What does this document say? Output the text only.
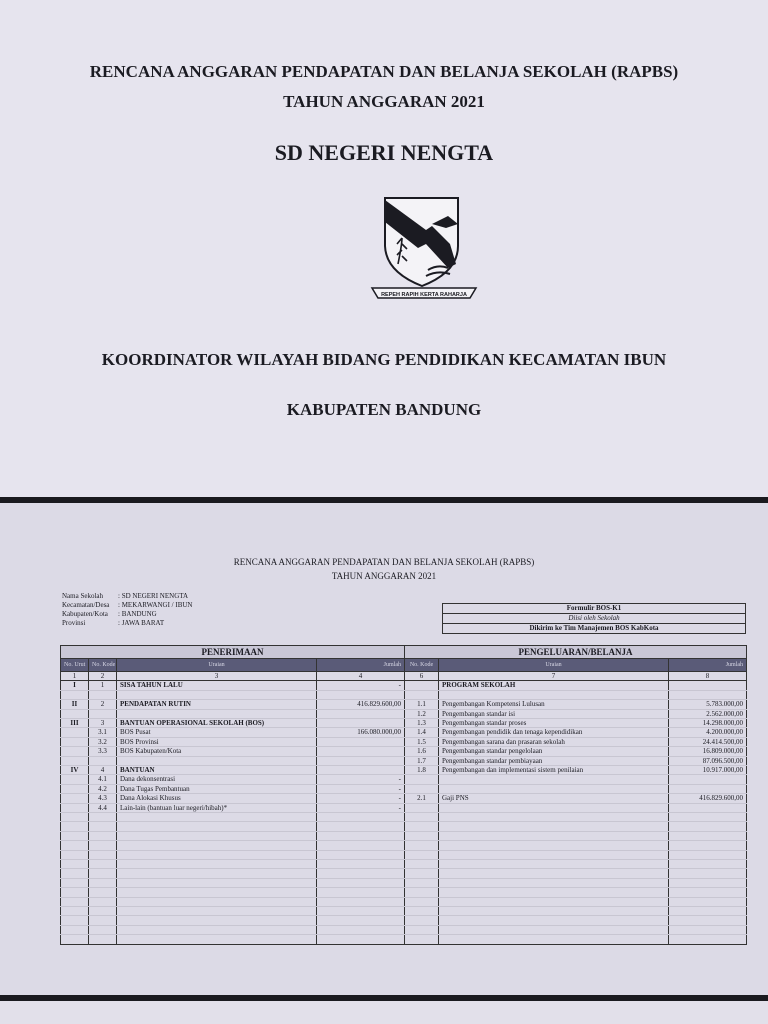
RENCANA ANGGARAN PENDAPATAN DAN BELANJA SEKOLAH (RAPBS)
TAHUN ANGGARAN 2021
SD NEGERI NENGTA
REPEH RAPIH KERTA RAHARJA
KOORDINATOR WILAYAH BIDANG PENDIDIKAN KECAMATAN IBUN
KABUPATEN BANDUNG
RENCANA ANGGARAN PENDAPATAN DAN BELANJA SEKOLAH (RAPBS)
TAHUN ANGGARAN 2021
Nama Sekolah : SD NEGERI NENGTA
Kecamatan/Desa : MEKARWANGI / IBUN
Kabupaten/Kota : BANDUNG
Provinsi	: JAWA BARAT
Formulir BOS-K1
Diisi oleh Sekolah
Dikirim ke Tim Manajemen BOS KabKota
PENERIMAAN				PENGELUARAN/BELANJA		
No. Urut	No. Kode	Uraian	Jumlah	No. Kode	Uraian	Jumlah
1	2	3	4	6	7	8
I	1	SISA TAHUN LALU	-		PROGRAM SEKOLAH	

II	2	PENDAPATAN RUTIN	416.829.600,00	1.1	Pengembangan Kompetensi Lulusan	5.783.000,00
				1.2	Pengembangan standar isi	2.562.000,00
III	3	BANTUAN OPERASIONAL SEKOLAH (BOS)		1.3	Pengembangan standar proses	14.298.000,00
	3.1	BOS Pusat	166.080.000,00	1.4	Pengembangan pendidik dan tenaga kependidikan	4.200.000,00
	3.2	BOS Provinsi		1.5	Pengembangan sarana dan prasaran sekolah	24.414.500,00
	3.3	BOS Kabupaten/Kota		1.6	Pengembangan standar pengelolaan	16.809.000,00
				1.7	Pengembangan standar pembiayaan	87.096.500,00
IV	4	BANTUAN		1.8	Pengembangan dan implementasi sistem penilaian	10.917.000,00
	4.1	Dana dekonsentrasi	-			
	4.2	Dana Tugas Pembantuan	-			
	4.3	Dana Alokasi Khusus	-	2.1	Gaji PNS	416.829.600,00
	4.4	Lain-lain (bantuan luar negeri/hibah)*	-			
